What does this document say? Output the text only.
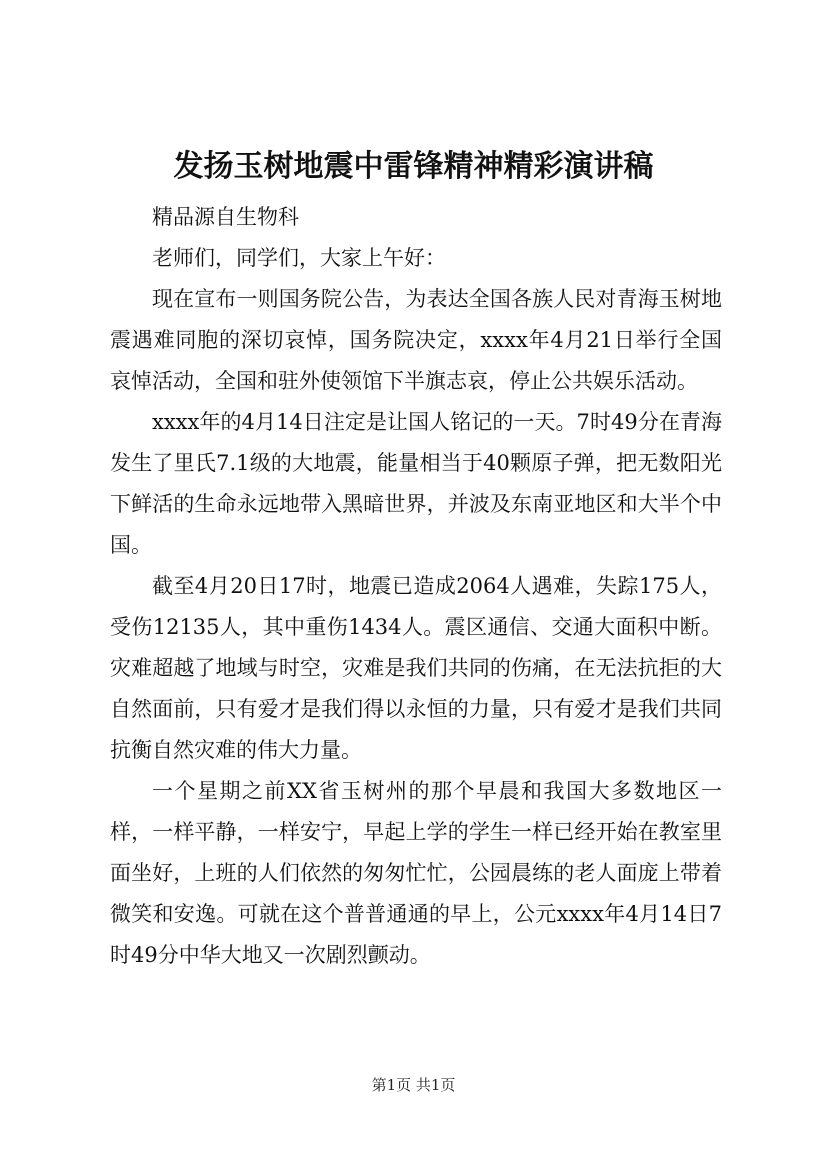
发扬玉树地震中雷锋精神精彩演讲稿

精品源自生物科

老师们，同学们，大家上午好：

现在宣布一则国务院公告，为表达全国各族人民对青海玉树地震遇难同胞的深切哀悼，国务院决定，xxxx年4月21日举行全国哀悼活动，全国和驻外使领馆下半旗志哀，停止公共娱乐活动。

xxxx年的4月14日注定是让国人铭记的一天。7时49分在青海发生了里氏7.1级的大地震，能量相当于40颗原子弹，把无数阳光下鲜活的生命永远地带入黑暗世界，并波及东南亚地区和大半个中国。

截至4月20日17时，地震已造成2064人遇难，失踪175人，受伤12135人，其中重伤1434人。震区通信、交通大面积中断。灾难超越了地域与时空，灾难是我们共同的伤痛，在无法抗拒的大自然面前，只有爱才是我们得以永恒的力量，只有爱才是我们共同抗衡自然灾难的伟大力量。

一个星期之前XX省玉树州的那个早晨和我国大多数地区一样，一样平静，一样安宁，早起上学的学生一样已经开始在教室里面坐好，上班的人们依然的匆匆忙忙，公园晨练的老人面庞上带着微笑和安逸。可就在这个普普通通的早上，公元xxxx年4月14日7时49分中华大地又一次剧烈颤动。

第1页 共1页
